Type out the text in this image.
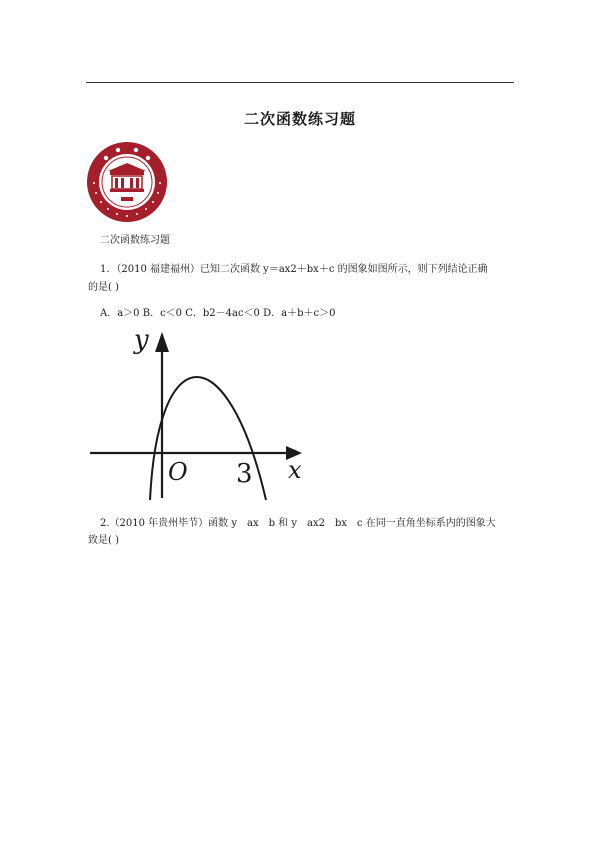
二次函数练习题
二次函数练习题
1．（2010 福建福州）已知二次函数 y＝ax2＋bx＋c 的图象如图所示，则下列结论正确
的是( )
A．a＞0 B．c＜0 C．b2－4ac＜0 D．a＋b＋c＞0
y
x
O 3
2.（2010 年贵州毕节）函数 y　ax　b 和 y　ax2　bx　c 在同一直角坐标系内的图象大
致是( )
